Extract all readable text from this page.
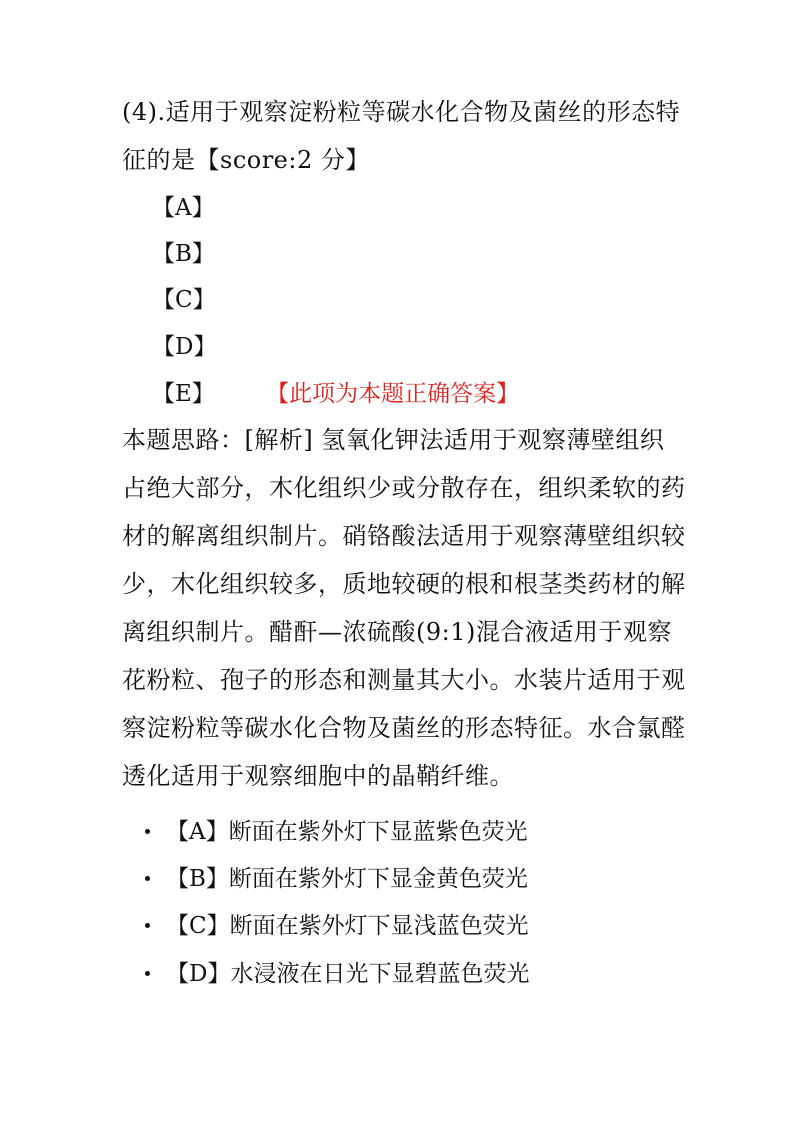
(4).适用于观察淀粉粒等碳水化合物及菌丝的形态特
征的是【score:2 分】
【A】
【B】
【C】
【D】
【E】 【此项为本题正确答案】
本题思路：[解析] 氢氧化钾法适用于观察薄壁组织
占绝大部分，木化组织少或分散存在，组织柔软的药
材的解离组织制片。硝铬酸法适用于观察薄壁组织较
少，木化组织较多，质地较硬的根和根茎类药材的解
离组织制片。醋酐—浓硫酸(9:1)混合液适用于观察
花粉粒、孢子的形态和测量其大小。水装片适用于观
察淀粉粒等碳水化合物及菌丝的形态特征。水合氯醛
透化适用于观察细胞中的晶鞘纤维。
【A】断面在紫外灯下显蓝紫色荧光
【B】断面在紫外灯下显金黄色荧光
【C】断面在紫外灯下显浅蓝色荧光
【D】水浸液在日光下显碧蓝色荧光
